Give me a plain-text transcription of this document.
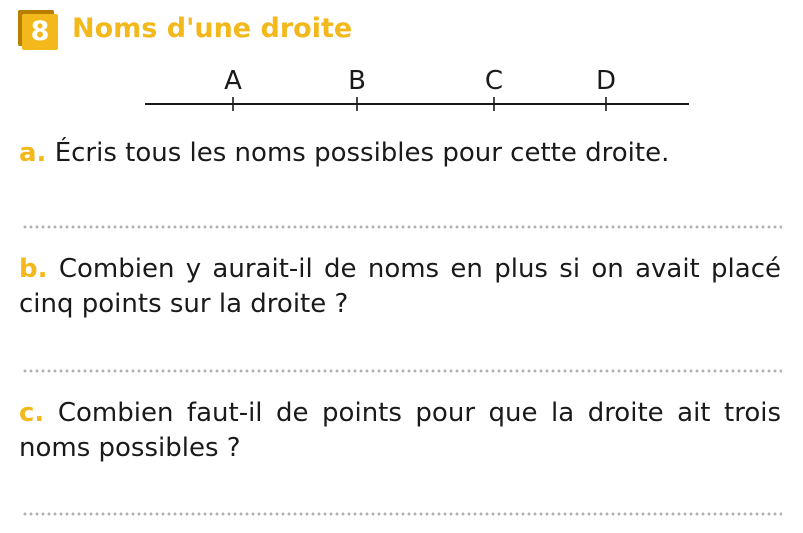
8 Noms d'une droite
A	B	C	D
a. Écris tous les noms possibles pour cette droite.
b. Combien y aurait-il de noms en plus si on avait placé cinq points sur la droite ?
c. Combien faut-il de points pour que la droite ait trois noms possibles ?
